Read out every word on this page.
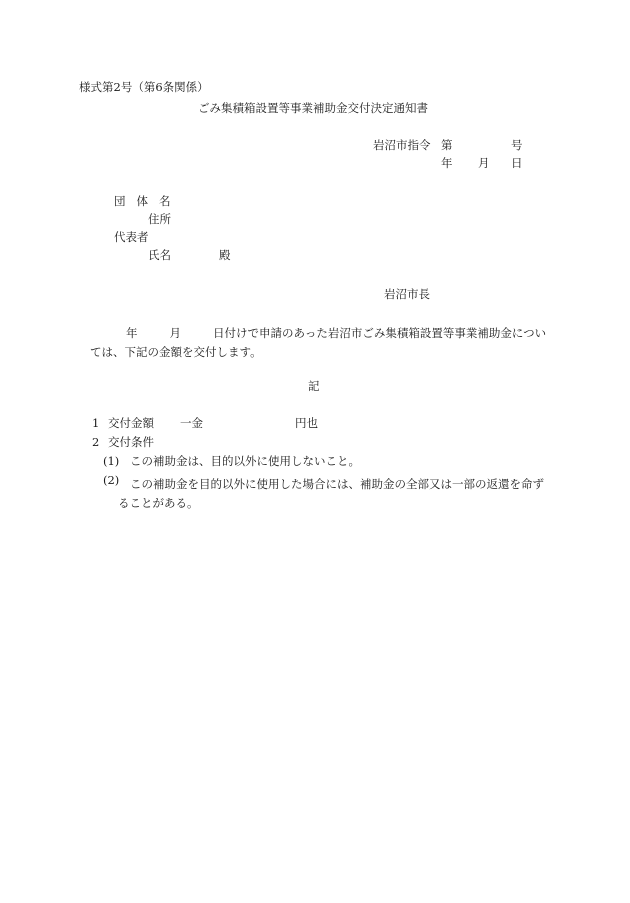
様式第2号（第6条関係）
ごみ集積箱設置等事業補助金交付決定通知書
岩沼市指令 第	号
年 月 日
団体名
住所
代表者
氏名	殿
岩沼市長
年	月	日付けで申請のあった岩沼市ごみ集積箱設置等事業補助金については、下記の金額を交付します。
記
1 交付金額 一金	円也
2 交付条件
(1) この補助金は、目的以外に使用しないこと。
(2) この補助金を目的以外に使用した場合には、補助金の全部又は一部の返還を命ず
ることがある。
